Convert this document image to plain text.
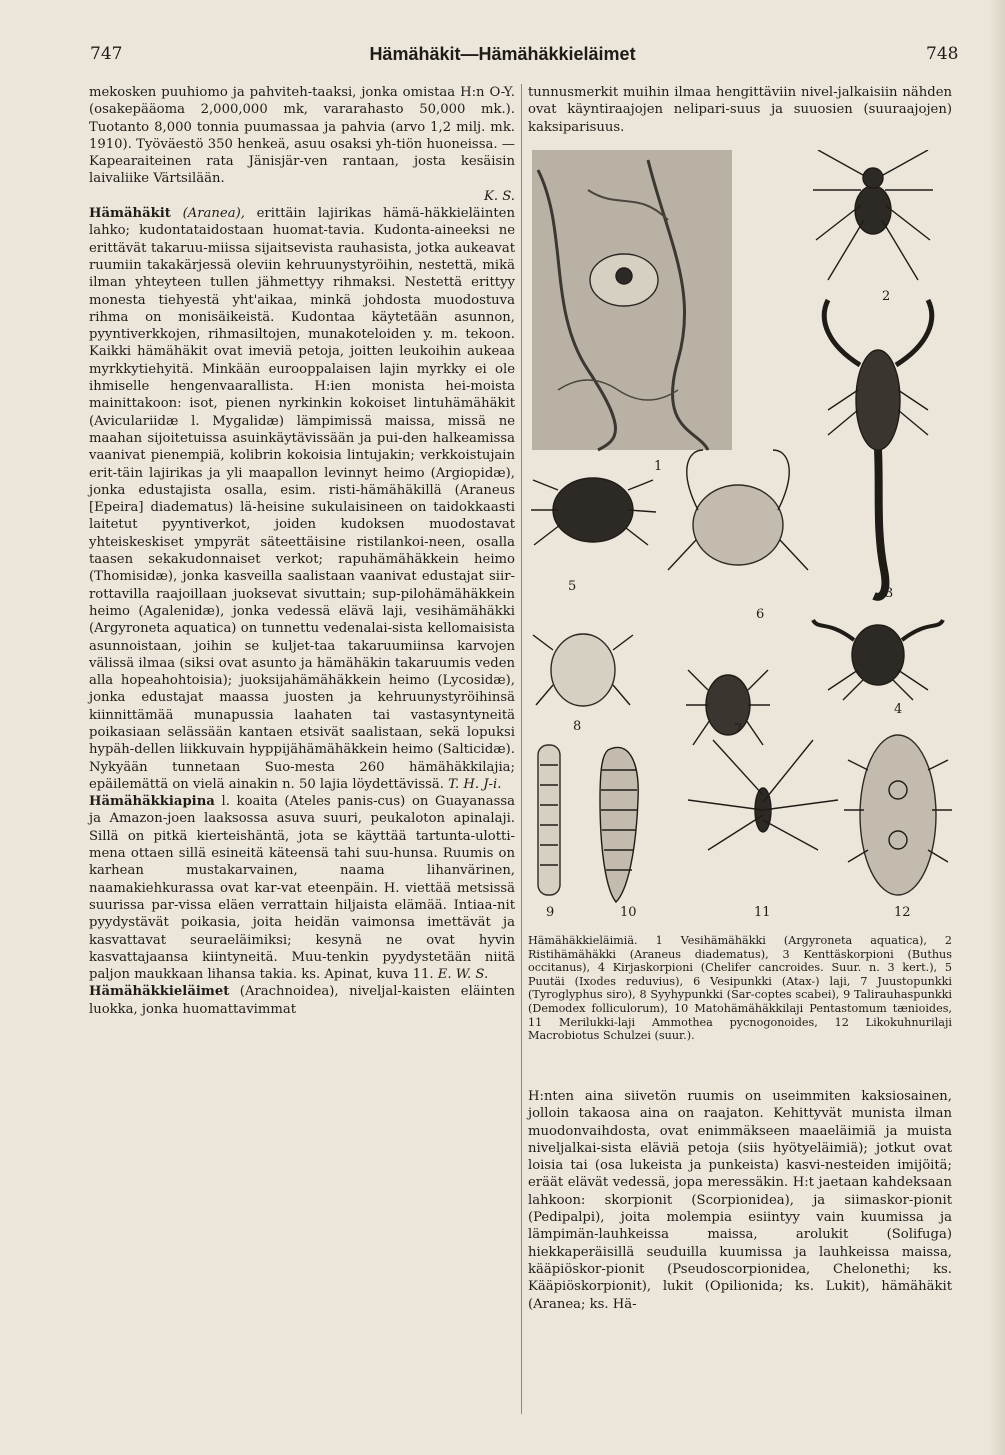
747	Hämähäkit—Hämähäkkieläimet	748

mekosken puuhiomo ja pahviteh-taaksi, jonka omistaa H:n O-Y. (osakepääoma 2,000,000 mk, vararahasto 50,000 mk.). Tuotanto 8,000 tonnia puumassaa ja pahvia (arvo 1,2 milj. mk. 1910). Työväestö 350 henkeä, asuu osaksi yh-tiön huoneissa. — Kapearaiteinen rata Jänisjär-ven rantaan, josta kesäisin laivaliike Värtsilään.

K. S.

Hämähäkit (Aranea), erittäin lajirikas hämä-häkkieläinten lahko; kudontataidostaan huomat-tavia. Kudonta-aineeksi ne erittävät takaruu-miissa sijaitsevista rauhasista, jotka aukeavat ruumiin takakärjessä oleviin kehruunystyröihin, nestettä, mikä ilman yhteyteen tullen jähmettyy rihmaksi. Nestettä erittyy monesta tiehyestä yht'aikaa, minkä johdosta muodostuva rihma on monisäikeistä. Kudontaa käytetään asunnon, pyyntiverkkojen, rihmasiltojen, munakoteloiden y. m. tekoon. Kaikki hämähäkit ovat imeviä petoja, joitten leukoihin aukeaa myrkkytiehyitä. Minkään eurooppalaisen lajin myrkky ei ole ihmiselle hengenvaarallista. H:ien monista hei-moista mainittakoon: isot, pienen nyrkinkin kokoiset lintuhämähäkit (Aviculariidæ l. Mygalidæ) lämpimissä maissa, missä ne maahan sijoitetuissa asuinkäytävissään ja pui-den halkeamissa vaanivat pienempiä, kolibrin kokoisia lintujakin; verkkoistujain erit-täin lajirikas ja yli maapallon levinnyt heimo (Argiopidæ), jonka edustajista osalla, esim. risti-hämähäkillä (Araneus [Epeira] diadematus) lä-heisine sukulaisineen on taidokkaasti laitetut pyyntiverkot, joiden kudoksen muodostavat yhteiskeskiset ympyrät säteettäisine ristilankoi-neen, osalla taasen sekakudonnaiset verkot; rapuhämähäkkein heimo (Thomisidæ), jonka kasveilla saalistaan vaanivat edustajat siir-rottavilla raajoillaan juoksevat sivuttain; sup-pilohämähäkkein heimo (Agalenidæ), jonka vedessä elävä laji, vesihämähäkki (Argyroneta aquatica) on tunnettu vedenalai-sista kellomaisista asunnoistaan, joihin se kuljet-taa takaruumiinsa karvojen välissä ilmaa (siksi ovat asunto ja hämähäkin takaruumis veden alla hopeahohtoisia); juoksijahämähäkkein heimo (Lycosidæ), jonka edustajat maassa juosten ja kehruunystyröihinsä kiinnittämää munapussia laahaten tai vastasyntyneitä poikasiaan selässään kantaen etsivät saalistaan, sekä lopuksi hypäh-dellen liikkuvain hyppijähämähäkkein heimo (Salticidæ). Nykyään tunnetaan Suo-mesta 260 hämähäkkilajia; epäilemättä on vielä ainakin n. 50 lajia löydettävissä. T. H. J-i.

Hämähäkkiapina l. koaita (Ateles panis-cus) on Guayanassa ja Amazon-joen laaksossa asuva suuri, peukaloton apinalaji. Sillä on pitkä kierteishäntä, jota se käyttää tartunta-ulotti-mena ottaen sillä esineitä käteensä tahi suu-hunsa. Ruumis on karhean mustakarvainen, naama lihanvärinen, naamakiehkurassa ovat kar-vat eteenpäin. H. viettää metsissä suurissa par-vissa eläen verrattain hiljaista elämää. Intiaa-nit pyydystävät poikasia, joita heidän vaimonsa imettävät ja kasvattavat seuraeläimiksi; kesynä ne ovat hyvin kasvattajaansa kiintyneitä. Muu-tenkin pyydystetään niitä paljon maukkaan lihansa takia. ks. Apinat, kuva 11. E. W. S.

Hämähäkkieläimet (Arachnoidea), niveljal-kaisten eläinten luokka, jonka huomattavimmat

tunnusmerkit muihin ilmaa hengittäviin nivel-jalkaisiin nähden ovat käyntiraajojen nelipari-suus ja suuosien (suuraajojen) kaksiparisuus.

1
2
3
4
5
6
7
8
9	10	11	12

Hämähäkkieläimiä. 1 Vesihämähäkki (Argyroneta aquatica), 2 Ristihämähäkki (Araneus diadematus), 3 Kenttäskorpioni (Buthus occitanus), 4 Kirjaskorpioni (Chelifer cancroides. Suur. n. 3 kert.), 5 Puutäi (Ixodes reduvius), 6 Vesipunkki (Atax-) laji, 7 Juustopunkki (Tyroglyphus siro), 8 Syyhypunkki (Sar-coptes scabei), 9 Talirauhaspunkki (Demodex folliculorum), 10 Matohämähäkkilaji Pentastomum tænioides, 11 Merilukki-laji Ammothea pycnogonoides, 12 Likokuhnurilaji Macrobiotus Schulzei (suur.).

H:nten aina siivetön ruumis on useimmiten kaksiosainen, jolloin takaosa aina on raajaton. Kehittyvät munista ilman muodonvaihdosta, ovat enimmäkseen maaeläimiä ja muista niveljalkai-sista eläviä petoja (siis hyötyeläimiä); jotkut ovat loisia tai (osa lukeista ja punkeista) kasvi-nesteiden imijöitä; eräät elävät vedessä, jopa meressäkin. H:t jaetaan kahdeksaan lahkoon: skorpionit (Scorpionidea), ja siimaskor-pionit (Pedipalpi), joita molempia esiintyy vain kuumissa ja lämpimän-lauhkeissa maissa, arolukit (Solifuga) hiekkaperäisillä seuduilla kuumissa ja lauhkeissa maissa, kääpiöskor-pionit (Pseudoscorpionidea, Chelonethi; ks. Kääpiöskorpionit), lukit (Opilionida; ks. Lukit), hämähäkit (Aranea; ks. Hä-
